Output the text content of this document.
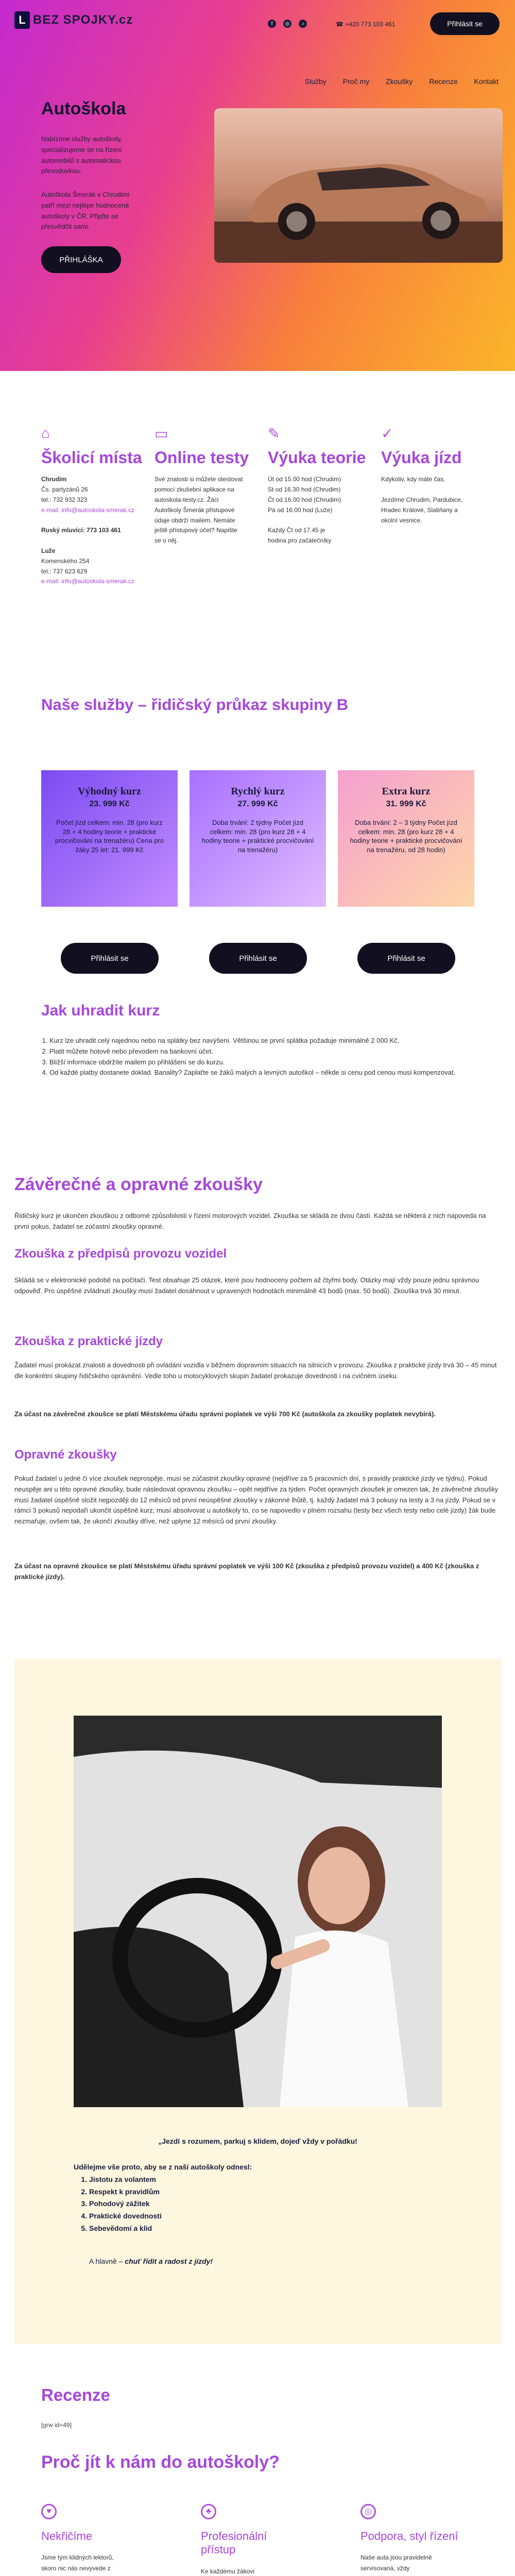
L BEZ SPOJKY.cz	f	◎	♪	☎ +420 773 103 461	Přihlásit se
Služby Proč my Zkoušky Recenze Kontakt
Autoškola

Nabízíme služby autoškoly, specializujeme se na řízení automobilů s automatickou převodovkou.

Autoškola Šmerák v Chrudimi patří mezi nejlépe hodnocené autoškoly v ČR. Přijďte se přesvědčit sami.

PŘIHLÁŠKA
⌂
Školicí místa
Chrudim
Čs. partyzánů 26
tel.: 732 932 323
e-mail: info@autoskola-smerak.cz

Ruský mluvící: 773 103 461

Luže
Komenského 254
tel.: 737 623 629
e-mail: info@autoskola-smerak.cz
▭
Online testy
Své znalosti si můžete otestovat pomocí zkušební aplikace na autoskola-testy.cz. Žáci Autoškoly Šmerák přistupové údaje obdrží mailem. Nemáte ještě přístupový účet? Napište se o něj.
✎
Výuka teorie
Út od 15.00 hod (Chrudim)
St od 16.30 hod (Chrudim)
Čt od 16.00 hod (Chrudim)
Pá od 16.00 hod (Luže)

Každý Čt od 17.45 je hodina pro začátečníky
✓
Výuka jízd
Kdykoliv, kdy máte čas.

Jezdíme Chrudim, Pardubice, Hradec Králové, Slatiňany a okolní vesnice.
Naše služby – řidičský průkaz skupiny B
Výhodný kurz
23. 999 Kč
Počet jízd celkem: min. 28 (pro kurz 28 + 4 hodiny teorie + praktické procvičování na trenažéru) Cena pro žáky 25 let: 21. 999 Kč
Rychlý kurz
27. 999 Kč
Doba trvání: 2 týdny Počet jízd celkem: min. 28 (pro kurz 28 + 4 hodiny teorie + praktické procvičování na trenažéru)
Extra kurz
31. 999 Kč
Doba trvání: 2 – 3 týdny Počet jízd celkem: min. 28 (pro kurz 28 + 4 hodiny teorie + praktické procvičování na trenažéru, od 28 hodin)
Přihlásit se	Přihlásit se	Přihlásit se
Jak uhradit kurz
1. Kurz lze uhradit celý najednou nebo na splátky bez navýšení. Většinou se první splátka požaduje minimálně 2 000 Kč.
2. Platit můžete hotově nebo převodem na bankovní účet.
3. Bližší informace obdržíte mailem po přihlášení se do kurzu.
4. Od každé platby dostanete doklad. Banality? Zaplaťte se žáků malých a levných autoškol – někde si cenu pod cenou musí kompenzovat.
Závěrečné a opravné zkoušky

Řidičský kurz je ukončen zkouškou z odborné způsobilosti v řízení motorových vozidel. Zkouška se skládá ze dvou částí. Každá se některá z nich napoveda na první pokus, žadatel se zúčastní zkoušky opravné.

Zkouška z předpisů provozu vozidel

Skládá se v elektronické podobě na počítači. Test obsahuje 25 otázek, které jsou hodnoceny počtem až čtyřmi body. Otázky mají vždy pouze jednu správnou odpověď. Pro úspěšné zvládnutí zkoušky musí žadatel dosáhnout v upravených hodnotách minimálně 43 bodů (max. 50 bodů). Zkouška trvá 30 minut.

Zkouška z praktické jízdy

Žadatel musí prokázat znalosti a dovednosti při ovládání vozidla v běžném dopravním situacích na silnicích v provozu. Zkouška z praktické jízdy trvá 30 – 45 minut dle konkrétní skupiny řidičského oprávnění. Vedle toho u motocyklových skupin žadatel prokazuje dovednosti i na cvičném úseku.

Za účast na závěrečné zkoušce se platí Městskému úřadu správní poplatek ve výši 700 Kč (autoškola za zkoušky poplatek nevybírá).

Opravné zkoušky

Pokud žadatel u jedné či více zkoušek neprospěje, musí se zúčastnit zkoušky opravné (nejdříve za 5 pracovních dní, s pravidly praktické jízdy ve týdnu). Pokud neuspěje ani u této opravné zkoušky, bude následovat opravnou zkoušku – opět nejdříve za týden. Počet opravných zkoušek je omezen tak, že závěrečné zkoušky musí žadatel úspěšně složit nejpozději do 12 měsíců od první neúspěšné zkoušky v zákonné lhůtě, tj. každý žadatel má 3 pokusy na testy a 3 na jízdy. Pokud se v rámci 3 pokusů nepodaří ukončit úspěšně kurz, musí absolvovat u autoškoly to, co se napovedlo v plném rozsahu (testy bez všech testy nebo celé jízdy) žák bude nezmařuje, ovšem tak, že ukončí zkoušky dříve, než uplyne 12 měsíců od první zkoušky.

Za účast na opravné zkoušce se platí Městskému úřadu správní poplatek ve výši 100 Kč (zkouška z předpisů provozu vozidel) a 400 Kč (zkouška z praktické jízdy).

„Jezdí s rozumem, parkuj s klidem, dojeď vždy v pořádku!

Udělejme vše proto, aby se z naší autoškoly odnesl:

1. Jistotu za volantem
2. Respekt k pravidlům
3. Pohodový zážitek
4. Praktické dovednosti
5. Sebevědomí a klid

A hlavně – chuť řídit a radost z jízdy!

Recenze
[grw id=49]
Proč jít k nám do autoškoly?
♥
Nekřičíme
Jsme tým klidných lektorů, skoro nic nás nevyvede z
♣
Profesionální přístup
Ke každému žákovi
◎
Podpora, styl řízení
Naše auta jsou pravidelně servisovaná, vždy
